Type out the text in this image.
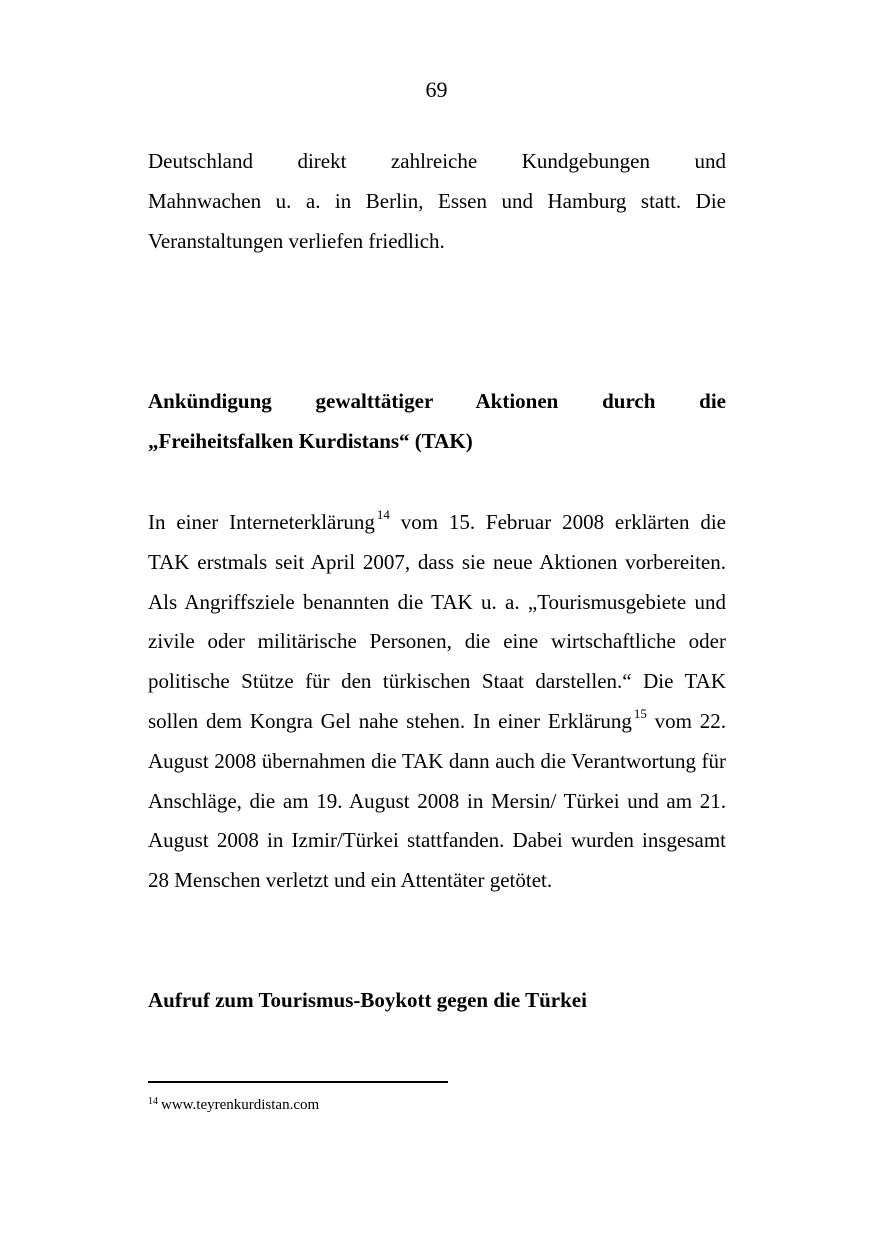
69
Deutschland direkt zahlreiche Kundgebungen und
Mahnwachen u. a. in Berlin, Essen und Hamburg statt. Die Veranstaltungen verliefen friedlich.
Ankündigung gewalttätiger Aktionen durch die
„Freiheitsfalken Kurdistans“ (TAK)
In einer Interneterklärung $^{14}$ vom 15. Februar 2008 erklärten die TAK erstmals seit April 2007, dass sie neue Aktionen vorbereiten. Als Angriffsziele benannten die TAK u. a. „Tourismusgebiete und zivile oder militärische Personen, die eine wirtschaftliche oder politische Stütze für den türkischen Staat darstellen.“ Die TAK sollen dem Kongra Gel nahe stehen. In einer Erklärung $^{15}$ vom 22. August 2008 übernahmen die TAK dann auch die Verantwortung für Anschläge, die am 19. August 2008 in Mersin/ Türkei und am 21. August 2008 in Izmir/Türkei stattfanden. Dabei wurden insgesamt 28 Menschen verletzt und ein Attentäter getötet.
Aufruf zum Tourismus-Boykott gegen die Türkei
$^{14}$ www.teyrenkurdistan.com
